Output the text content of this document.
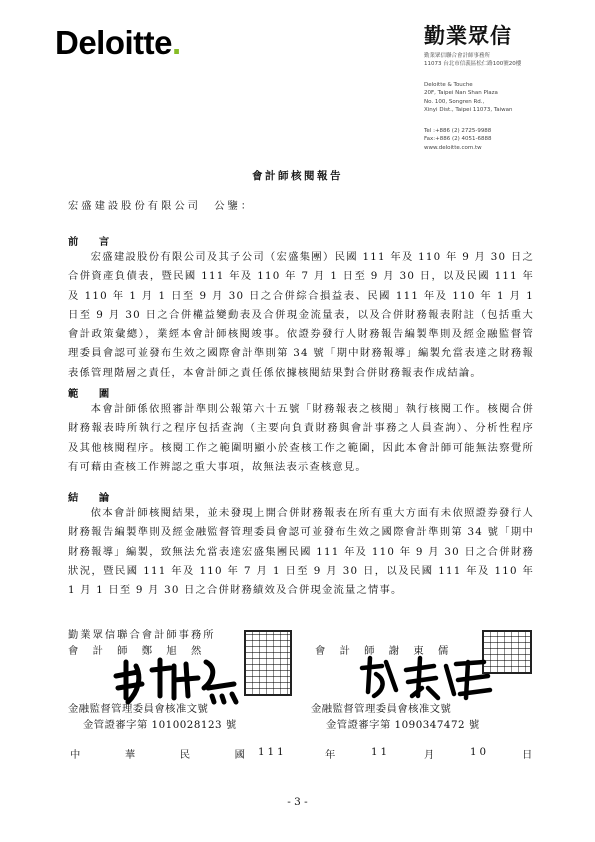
Deloitte.	勤業眾信
勤業眾信聯合會計師事務所
11073 台北市信義區松仁路100號20樓
Deloitte & Touche
20F, Taipei Nan Shan Plaza
No. 100, Songren Rd.,
Xinyi Dist., Taipei 11073, Taiwan
Tel :+886 (2) 2725-9988
Fax:+886 (2) 4051-6888
www.deloitte.com.tw
會計師核閱報告
宏盛建設股份有限公司　公鑒：
前　　言

宏盛建設股份有限公司及其子公司（宏盛集團）民國 111 年及 110 年 9 月 30 日之合併資產負債表，暨民國 111 年及 110 年 7 月 1 日至 9 月 30 日，以及民國 111 年及 110 年 1 月 1 日至 9 月 30 日之合併綜合損益表、民國 111 年及 110 年 1 月 1 日至 9 月 30 日之合併權益變動表及合併現金流量表，以及合併財務報表附註（包括重大會計政策彙總），業經本會計師核閱竣事。依證券發行人財務報告編製準則及經金融監督管理委員會認可並發布生效之國際會計準則第 34 號「期中財務報導」編製允當表達之財務報表係管理階層之責任，本會計師之責任係依據核閱結果對合併財務報表作成結論。

範　　圍

本會計師係依照審計準則公報第六十五號「財務報表之核閱」執行核閱工作。核閱合併財務報表時所執行之程序包括查詢（主要向負責財務與會計事務之人員查詢）、分析性程序及其他核閱程序。核閱工作之範圍明顯小於查核工作之範圍，因此本會計師可能無法察覺所有可藉由查核工作辨認之重大事項，故無法表示查核意見。

結　　論

依本會計師核閱結果，並未發現上開合併財務報表在所有重大方面有未依照證券發行人財務報告編製準則及經金融監督管理委員會認可並發布生效之國際會計準則第 34 號「期中財務報導」編製，致無法允當表達宏盛集團民國 111 年及 110 年 9 月 30 日之合併財務狀況，暨民國 111 年及 110 年 7 月 1 日至 9 月 30 日，以及民國 111 年及 110 年 1 月 1 日至 9 月 30 日之合併財務績效及合併現金流量之情事。

勤業眾信聯合會計師事務所
會　計　師　鄭　旭　然	會　計　師　謝　東　儒
金融監督管理委員會核准文號
金管證審字第 1010028123 號
金融監督管理委員會核准文號
金管證審字第 1090347472 號
中　　華　　民　　國 111	年	11	月	10	日
- 3 -
